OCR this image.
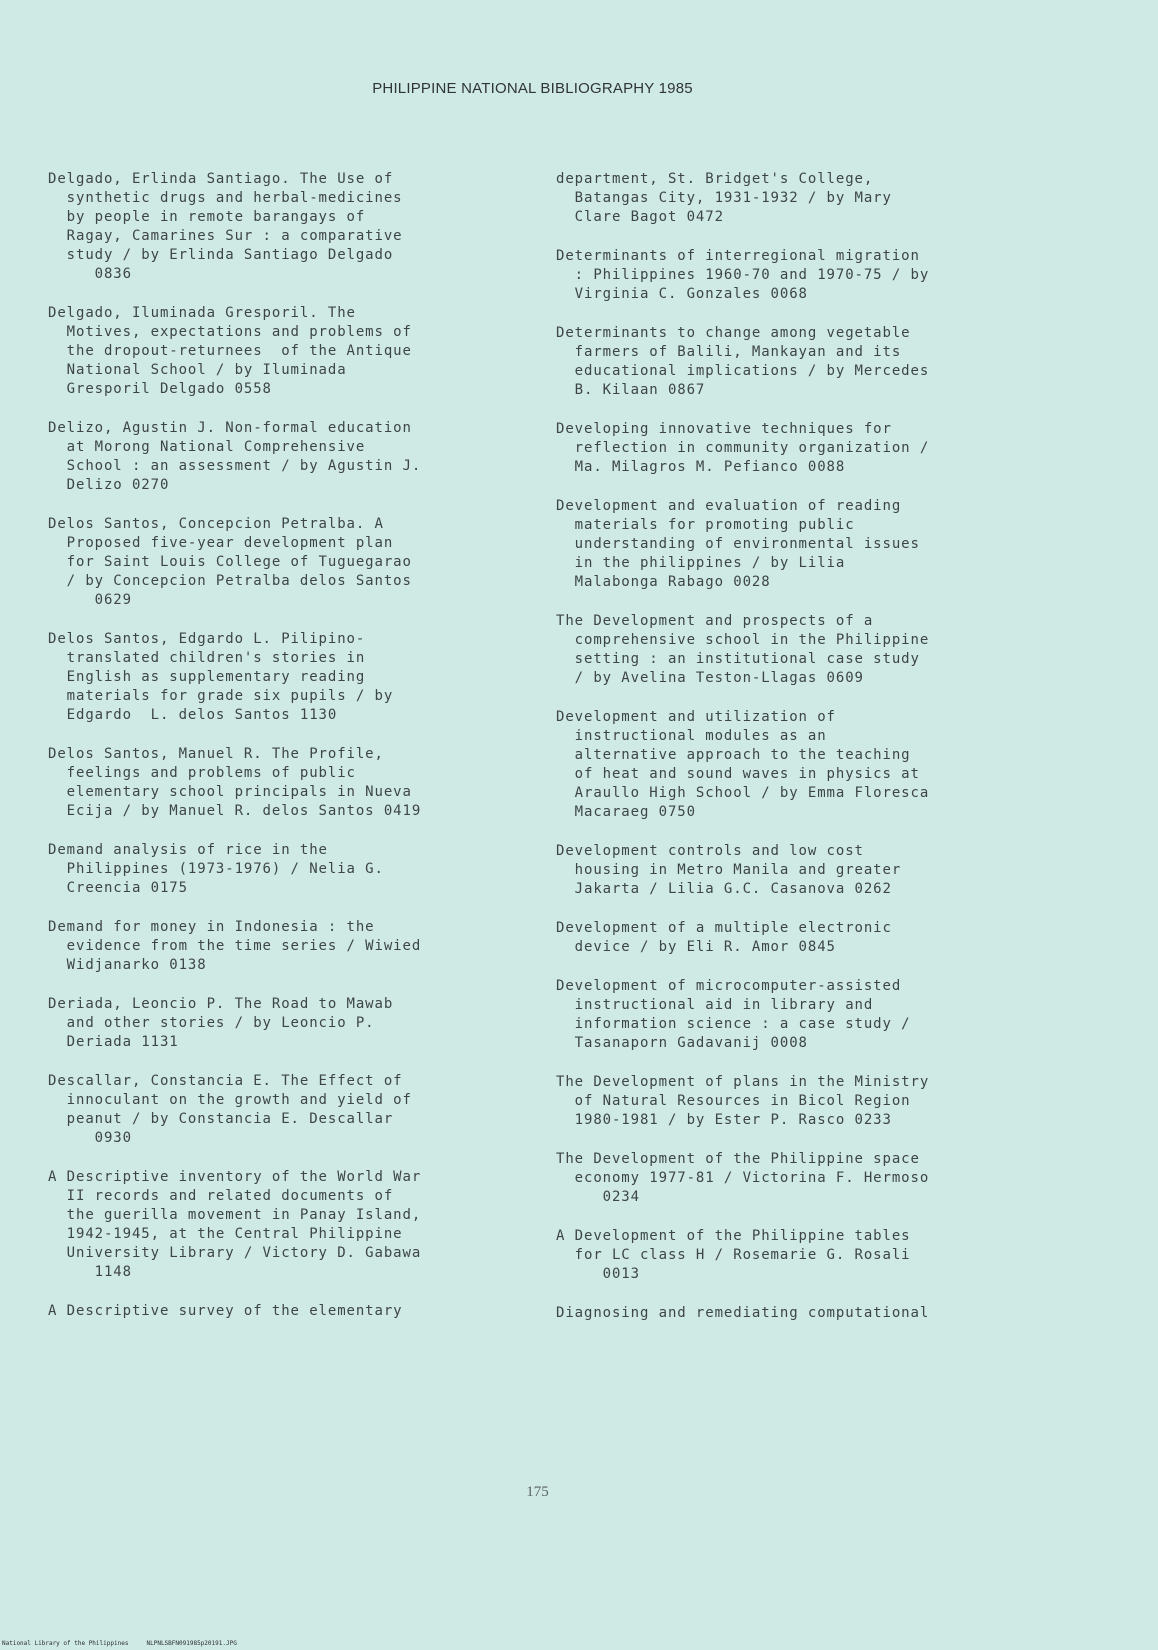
PHILIPPINE NATIONAL BIBLIOGRAPHY 1985
Delgado, Erlinda Santiago. The Use of
synthetic drugs and herbal-medicines
by people in remote barangays of
Ragay, Camarines Sur : a comparative
study / by Erlinda Santiago Delgado
0836
Delgado, Iluminada Gresporil. The
Motives, expectations and problems of
the dropout-returnees  of the Antique
National School / by Iluminada
Gresporil Delgado 0558
Delizo, Agustin J. Non-formal education
at Morong National Comprehensive
School : an assessment / by Agustin J.
Delizo 0270
Delos Santos, Concepcion Petralba. A
Proposed five-year development plan
for Saint Louis College of Tuguegarao
/ by Concepcion Petralba delos Santos
0629
Delos Santos, Edgardo L. Pilipino-
translated children's stories in
English as supplementary reading
materials for grade six pupils / by
Edgardo  L. delos Santos 1130
Delos Santos, Manuel R. The Profile,
feelings and problems of public
elementary school principals in Nueva
Ecija / by Manuel R. delos Santos 0419
Demand analysis of rice in the
Philippines (1973-1976) / Nelia G.
Creencia 0175
Demand for money in Indonesia : the
evidence from the time series / Wiwied
Widjanarko 0138
Deriada, Leoncio P. The Road to Mawab
and other stories / by Leoncio P.
Deriada 1131
Descallar, Constancia E. The Effect of
innoculant on the growth and yield of
peanut / by Constancia E. Descallar
0930
A Descriptive inventory of the World War
II records and related documents of
the guerilla movement in Panay Island,
1942-1945, at the Central Philippine
University Library / Victory D. Gabawa
1148
A Descriptive survey of the elementary
department, St. Bridget's College,
Batangas City, 1931-1932 / by Mary
Clare Bagot 0472
Determinants of interregional migration
: Philippines 1960-70 and 1970-75 / by
Virginia C. Gonzales 0068
Determinants to change among vegetable
farmers of Balili, Mankayan and its
educational implications / by Mercedes
B. Kilaan 0867
Developing innovative techniques for
reflection in community organization /
Ma. Milagros M. Pefianco 0088
Development and evaluation of reading
materials for promoting public
understanding of environmental issues
in the philippines / by Lilia
Malabonga Rabago 0028
The Development and prospects of a
comprehensive school in the Philippine
setting : an institutional case study
/ by Avelina Teston-Llagas 0609
Development and utilization of
instructional modules as an
alternative approach to the teaching
of heat and sound waves in physics at
Araullo High School / by Emma Floresca
Macaraeg 0750
Development controls and low cost
housing in Metro Manila and greater
Jakarta / Lilia G.C. Casanova 0262
Development of a multiple electronic
device / by Eli R. Amor 0845
Development of microcomputer-assisted
instructional aid in library and
information science : a case study /
Tasanaporn Gadavanij 0008
The Development of plans in the Ministry
of Natural Resources in Bicol Region
1980-1981 / by Ester P. Rasco 0233
The Development of the Philippine space
economy 1977-81 / Victorina F. Hermoso
0234
A Development of the Philippine tables
for LC class H / Rosemarie G. Rosali
0013
Diagnosing and remediating computational
175
National Library of the Philippines     NLPNLSBFN091985p20191.JPG
